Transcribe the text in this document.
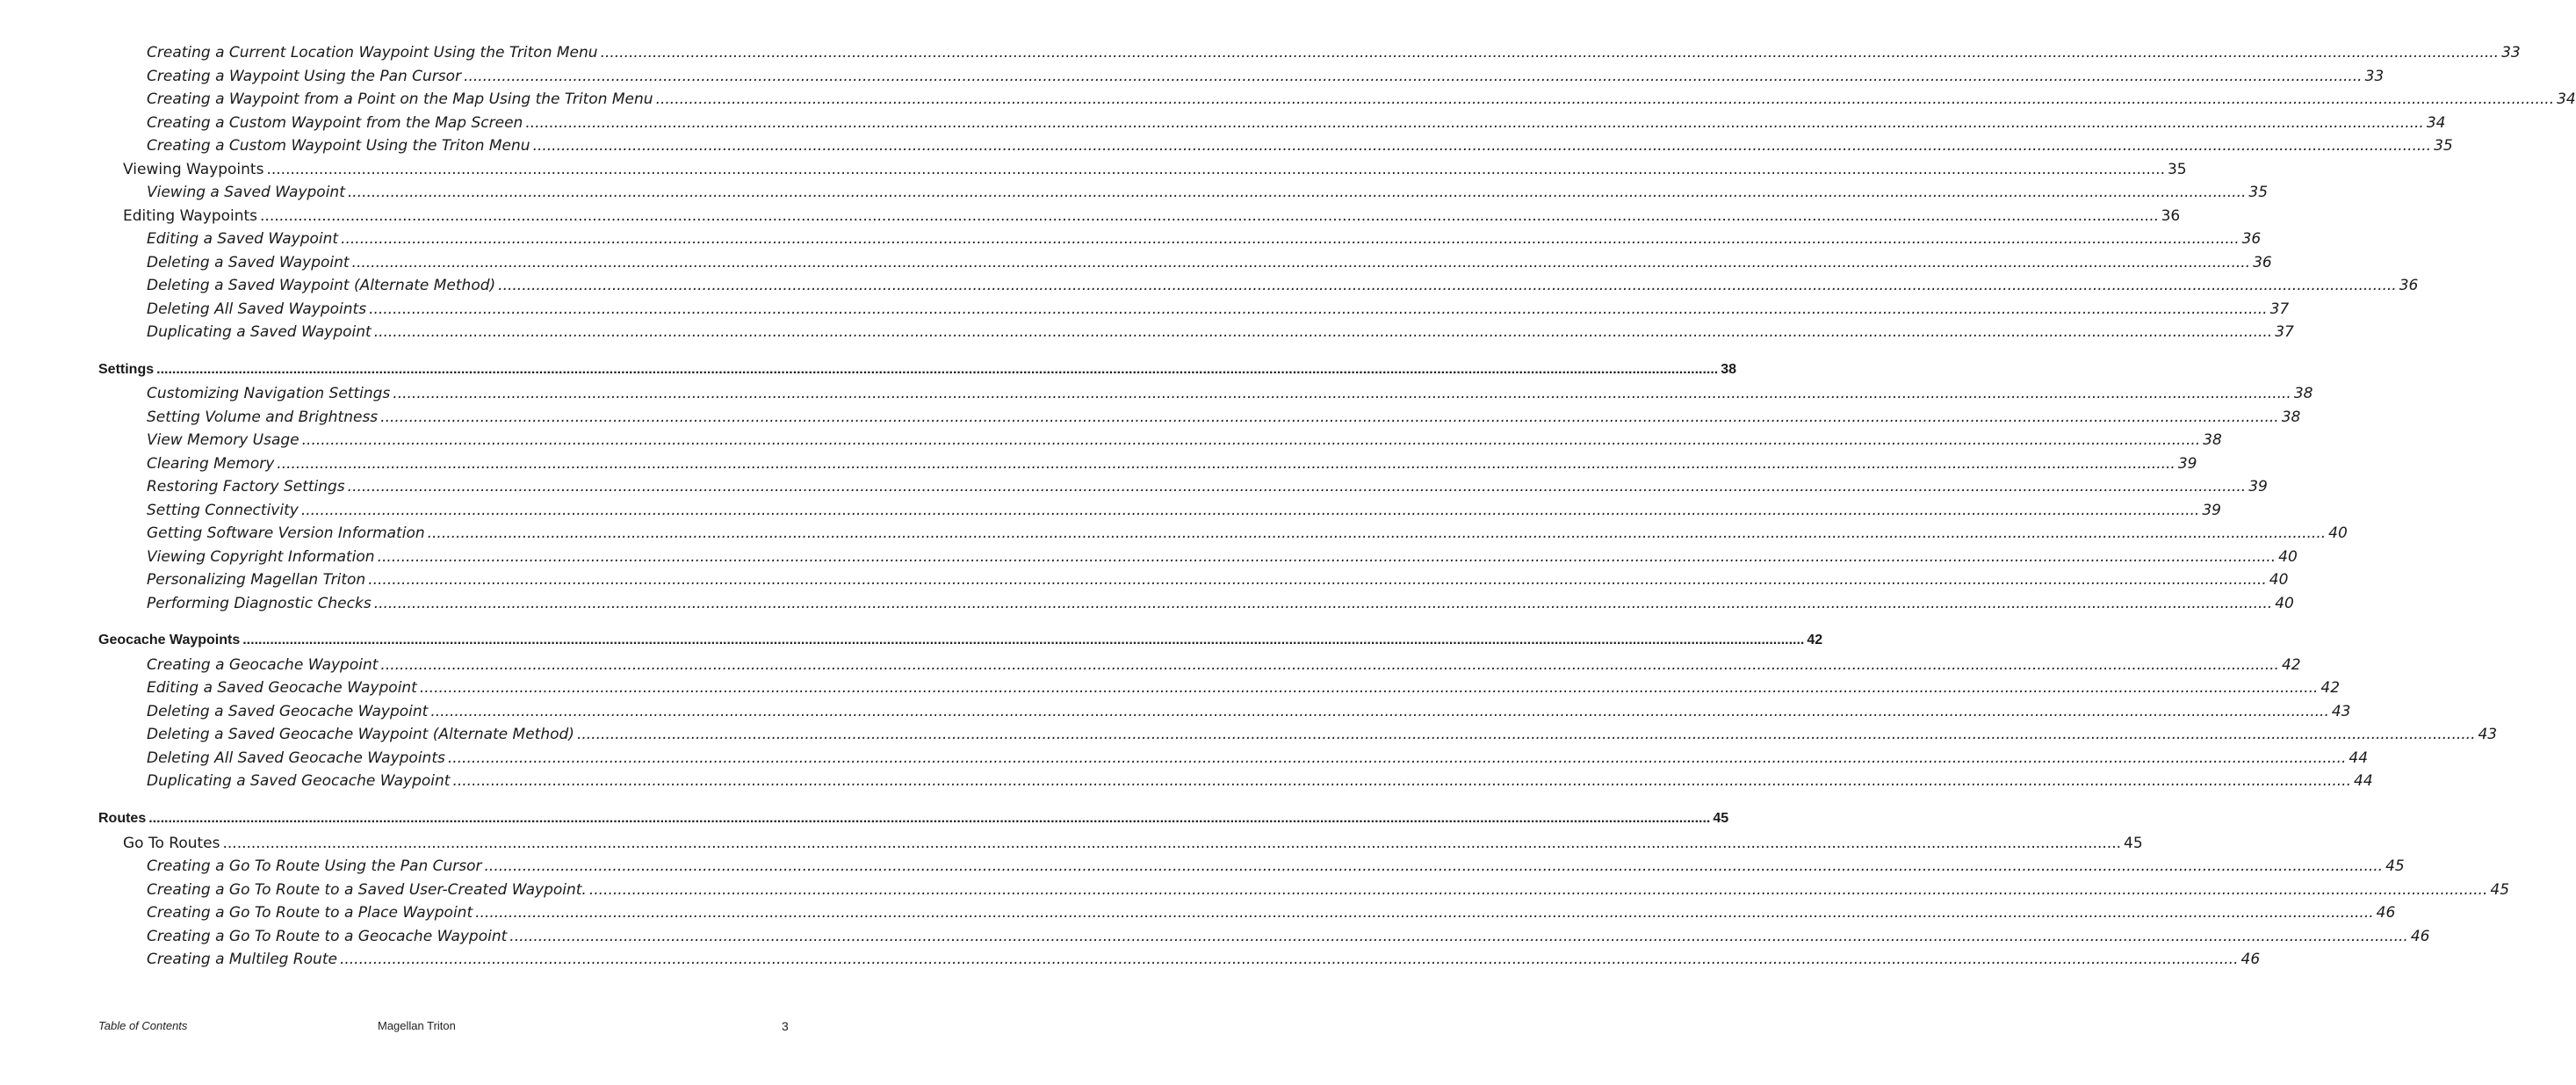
Creating a Current Location Waypoint Using the Triton Menu ................................................................................................................................................................................................................................................................................................................................................................................................................ 33
Creating a Waypoint Using the Pan Cursor ................................................................................................................................................................................................................................................................................................................................................................................................................ 33
Creating a Waypoint from a Point on the Map Using the Triton Menu ................................................................................................................................................................................................................................................................................................................................................................................................................ 34
Creating a Custom Waypoint from the Map Screen ................................................................................................................................................................................................................................................................................................................................................................................................................ 34
Creating a Custom Waypoint Using the Triton Menu ................................................................................................................................................................................................................................................................................................................................................................................................................ 35
Viewing Waypoints ................................................................................................................................................................................................................................................................................................................................................................................................................ 35
Viewing a Saved Waypoint ................................................................................................................................................................................................................................................................................................................................................................................................................ 35
Editing Waypoints ................................................................................................................................................................................................................................................................................................................................................................................................................ 36
Editing a Saved Waypoint ................................................................................................................................................................................................................................................................................................................................................................................................................ 36
Deleting a Saved Waypoint ................................................................................................................................................................................................................................................................................................................................................................................................................ 36
Deleting a Saved Waypoint (Alternate Method) ................................................................................................................................................................................................................................................................................................................................................................................................................ 36
Deleting All Saved Waypoints ................................................................................................................................................................................................................................................................................................................................................................................................................ 37
Duplicating a Saved Waypoint ................................................................................................................................................................................................................................................................................................................................................................................................................ 37
Settings ................................................................................................................................................................................................................................................................................................................................................................................................................ 38
Customizing Navigation Settings ................................................................................................................................................................................................................................................................................................................................................................................................................ 38
Setting Volume and Brightness ................................................................................................................................................................................................................................................................................................................................................................................................................ 38
View Memory Usage ................................................................................................................................................................................................................................................................................................................................................................................................................ 38
Clearing Memory ................................................................................................................................................................................................................................................................................................................................................................................................................ 39
Restoring Factory Settings ................................................................................................................................................................................................................................................................................................................................................................................................................ 39
Setting Connectivity ................................................................................................................................................................................................................................................................................................................................................................................................................ 39
Getting Software Version Information ................................................................................................................................................................................................................................................................................................................................................................................................................ 40
Viewing Copyright Information ................................................................................................................................................................................................................................................................................................................................................................................................................ 40
Personalizing Magellan Triton ................................................................................................................................................................................................................................................................................................................................................................................................................ 40
Performing Diagnostic Checks ................................................................................................................................................................................................................................................................................................................................................................................................................ 40
Geocache Waypoints ................................................................................................................................................................................................................................................................................................................................................................................................................ 42
Creating a Geocache Waypoint ................................................................................................................................................................................................................................................................................................................................................................................................................ 42
Editing a Saved Geocache Waypoint ................................................................................................................................................................................................................................................................................................................................................................................................................ 42
Deleting a Saved Geocache Waypoint ................................................................................................................................................................................................................................................................................................................................................................................................................ 43
Deleting a Saved Geocache Waypoint (Alternate Method) ................................................................................................................................................................................................................................................................................................................................................................................................................ 43
Deleting All Saved Geocache Waypoints ................................................................................................................................................................................................................................................................................................................................................................................................................ 44
Duplicating a Saved Geocache Waypoint ................................................................................................................................................................................................................................................................................................................................................................................................................ 44
Routes ................................................................................................................................................................................................................................................................................................................................................................................................................ 45
Go To Routes ................................................................................................................................................................................................................................................................................................................................................................................................................ 45
Creating a Go To Route Using the Pan Cursor ................................................................................................................................................................................................................................................................................................................................................................................................................ 45
Creating a Go To Route to a Saved User-Created Waypoint. ................................................................................................................................................................................................................................................................................................................................................................................................................ 45
Creating a Go To Route to a Place Waypoint ................................................................................................................................................................................................................................................................................................................................................................................................................ 46
Creating a Go To Route to a Geocache Waypoint ................................................................................................................................................................................................................................................................................................................................................................................................................ 46
Creating a Multileg Route ................................................................................................................................................................................................................................................................................................................................................................................................................ 46
Table of Contents	Magellan Triton	3
